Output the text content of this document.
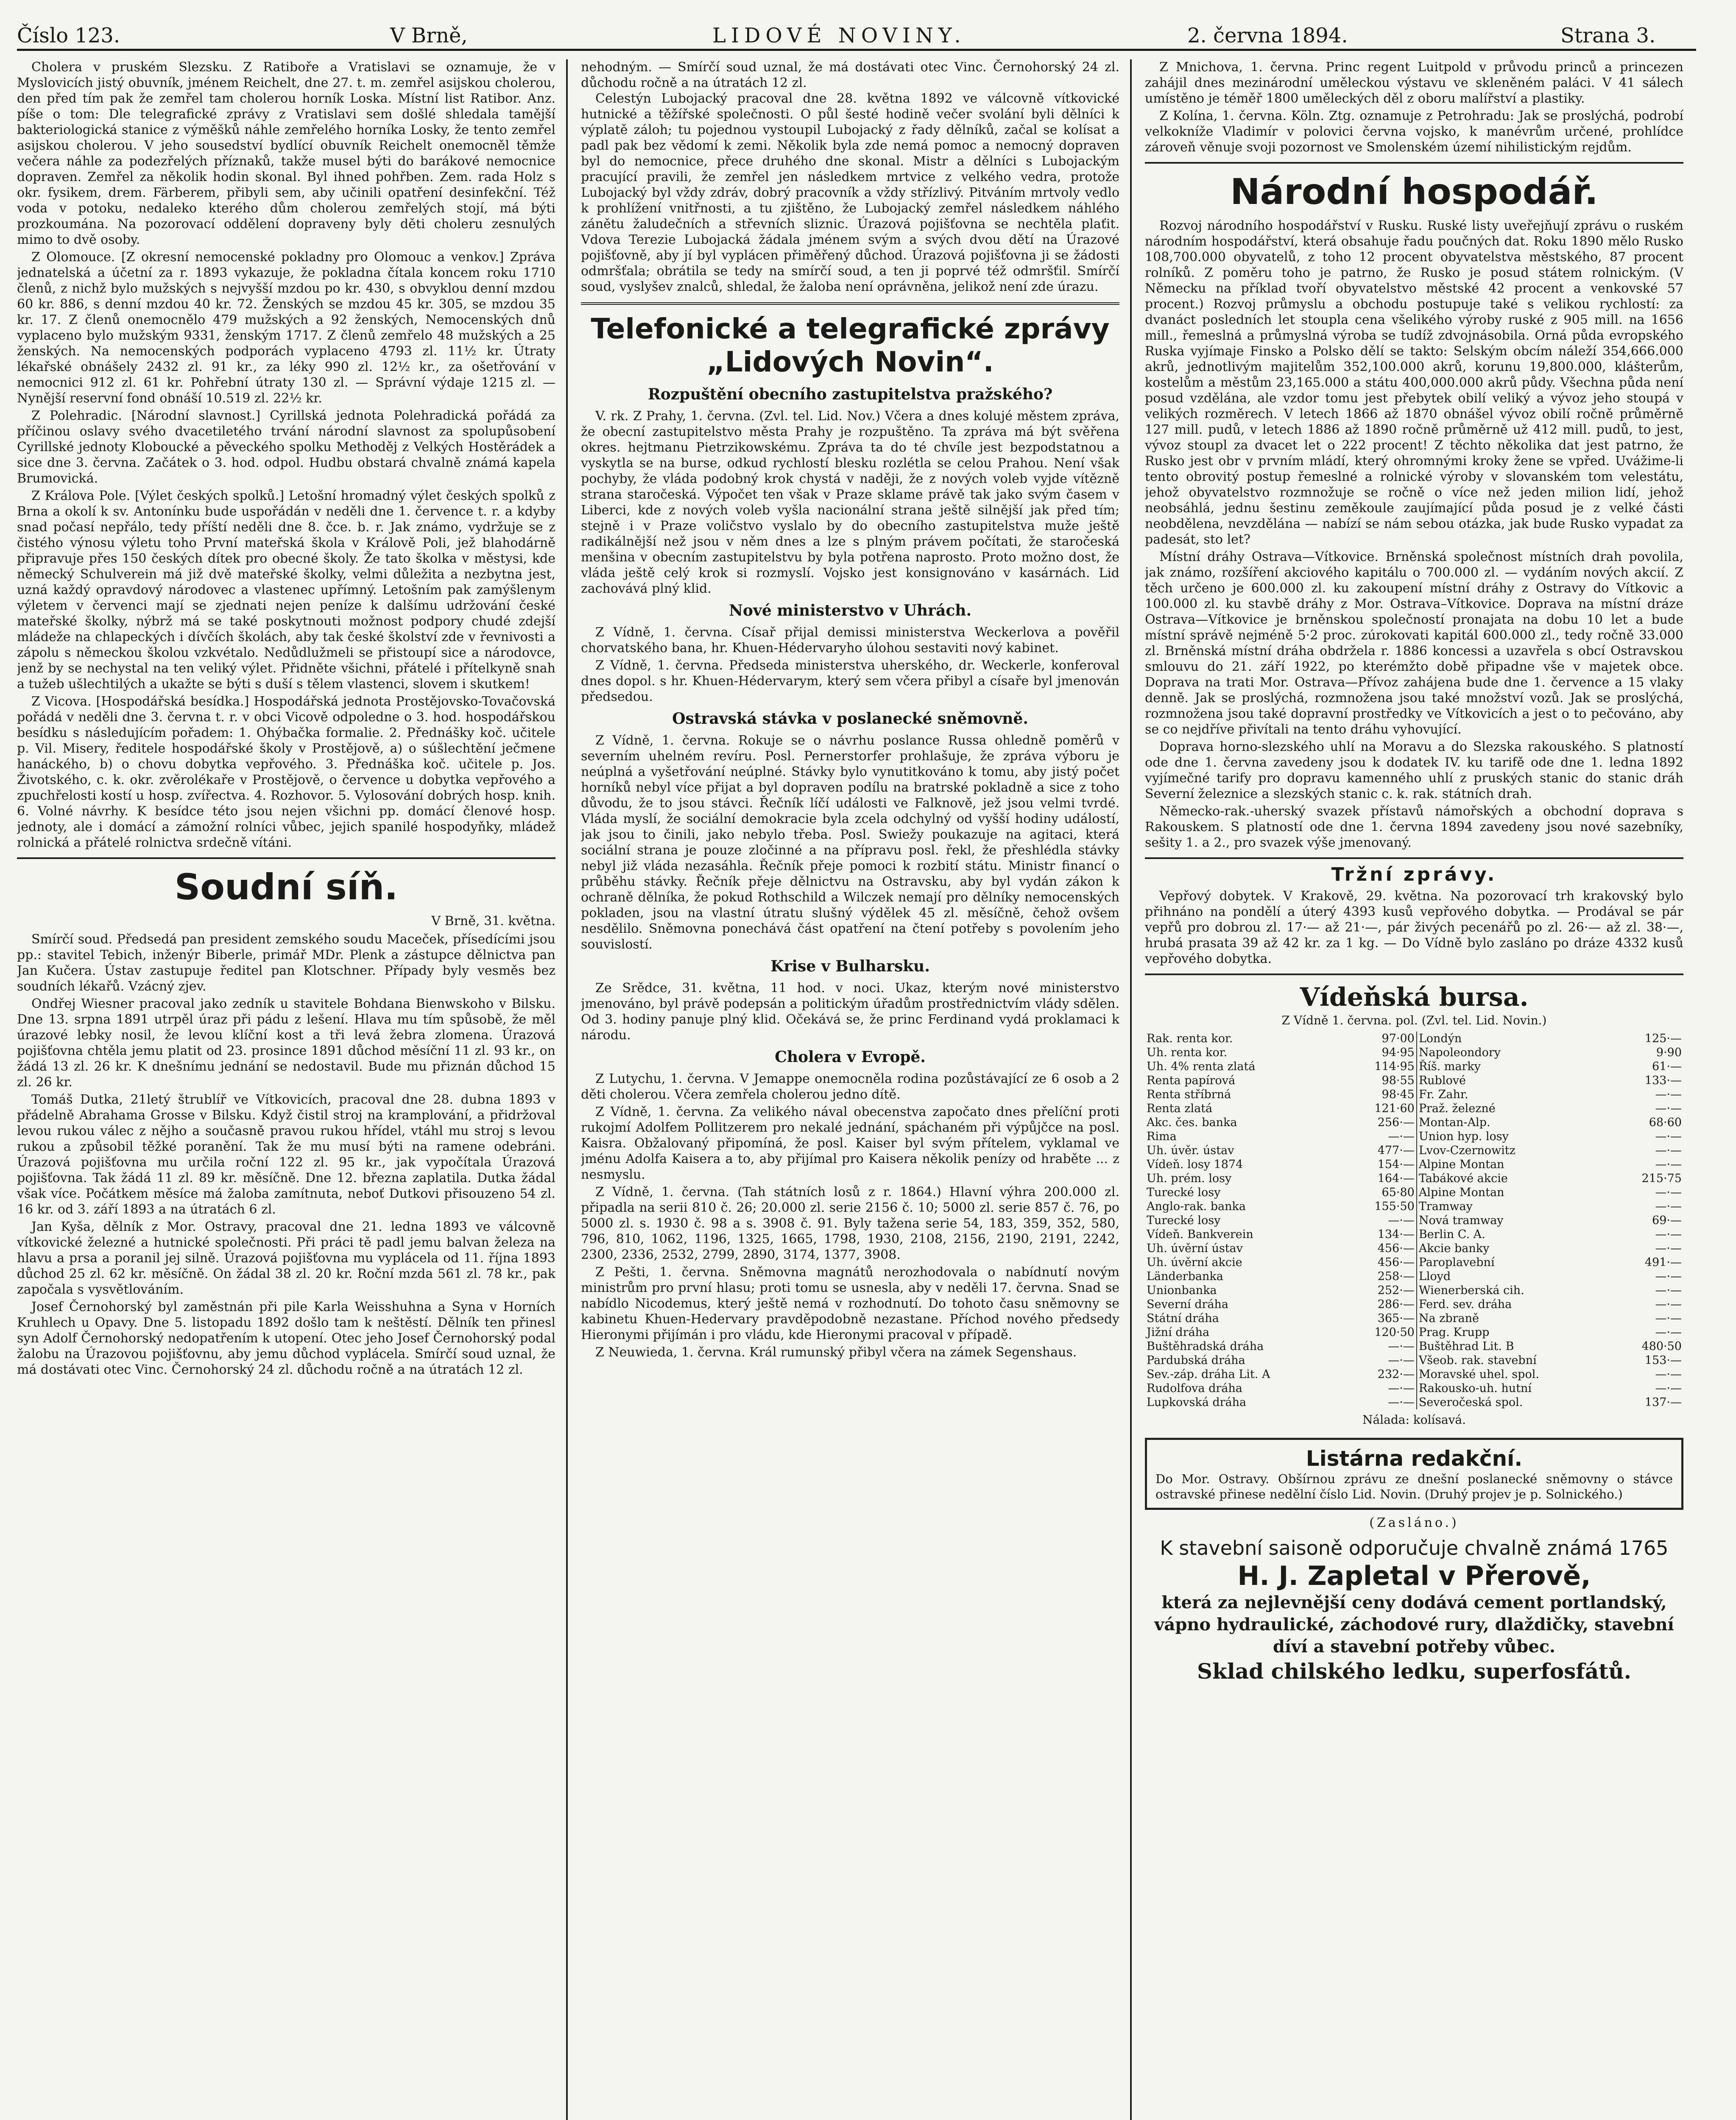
Číslo 123.	V Brně,	LIDOVÉ NOVINY.	2. června 1894.	Strana 3.

Cholera v pruském Slezsku. Z Ratiboře a Vratislavi se oznamuje, že v Myslovicích jistý obuvník, jménem Reichelt, dne 27. t. m. zemřel asijskou cholerou, den před tím pak že zemřel tam cholerou horník Loska. Místní list Ratibor. Anz. píše o tom: Dle telegrafické zprávy z Vratislavi sem došlé shledala tamější bakteriologická stanice z výměšků náhle zemřelého horníka Losky, že tento zemřel asijskou cholerou. V jeho sousedství bydlící obuvník Reichelt onemocněl těmže večera náhle za podezřelých příznaků, takže musel býti do barákové nemocnice dopraven. Zemřel za několik hodin skonal. Byl ihned pohřben. Zem. rada Holz s okr. fysikem, drem. Färberem, přibyli sem, aby učinili opatření desinfekční. Též voda v potoku, nedaleko kterého dům cholerou zemřelých stojí, má býti prozkoumána. Na pozorovací oddělení dopraveny byly děti choleru zesnulých mimo to dvě osoby.

Z Olomouce. [Z okresní nemocenské pokladny pro Olomouc a venkov.] Zpráva jednatelská a účetní za r. 1893 vykazuje, že pokladna čítala koncem roku 1710 členů, z nichž bylo mužských s nejvyšší mzdou po kr. 430, s obvyklou denní mzdou 60 kr. 886, s denní mzdou 40 kr. 72. Ženských se mzdou 45 kr. 305, se mzdou 35 kr. 17. Z členů onemocnělo 479 mužských a 92 ženských, Nemocenských dnů vyplaceno bylo mužským 9331, ženským 1717. Z členů zemřelo 48 mužských a 25 ženských. Na nemocenských podporách vyplaceno 4793 zl. 11½ kr. Útraty lékařské obnášely 2432 zl. 91 kr., za léky 990 zl. 12½ kr., za ošetřování v nemocnici 912 zl. 61 kr. Pohřební útraty 130 zl. — Správní výdaje 1215 zl. — Nynější reservní fond obnáší 10.519 zl. 22½ kr.

Z Polehradic. [Národní slavnost.] Cyrillská jednota Polehradická pořádá za příčinou oslavy svého dvacetiletého trvání národní slavnost za spolupůsobení Cyrillské jednoty Kloboucké a pěveckého spolku Methoděj z Velkých Hostěrádek a sice dne 3. června. Začátek o 3. hod. odpol. Hudbu obstará chvalně známá kapela Brumovická.

Z Králova Pole. [Výlet českých spolků.] Letošní hromadný výlet českých spolků z Brna a okolí k sv. Antonínku bude uspořádán v neděli dne 1. července t. r. a kdyby snad počasí nepřálo, tedy příští neděli dne 8. čce. b. r. Jak známo, vydržuje se z čistého výnosu výletu toho První mateřská škola v Králově Poli, jež blahodárně připravuje přes 150 českých dítek pro obecné školy. Že tato školka v městysi, kde německý Schulverein má již dvě mateřské školky, velmi důležita a nezbytna jest, uzná každý opravdový národovec a vlastenec upřímný. Letošním pak zamýšlenym výletem v červenci mají se zjednati nejen peníze k dalšímu udržování české mateřské školky, nýbrž má se také poskytnouti možnost podpory chudé zdejší mládeže na chlapeckých i dívčích školách, aby tak české školství zde v řevnivosti a zápolu s německou školou vzkvétalo. Nedůdlužmeli se přistoupí sice a národovce, jenž by se nechystal na ten veliký výlet. Přidněte všichni, přátelé i přítelkyně snah a tužeb ušlechtilých a ukažte se býti s duší s tělem vlastenci, slovem i skutkem!

Z Vicova. [Hospodářská besídka.] Hospodářská jednota Prostějovsko-Tovačovská pořádá v neděli dne 3. června t. r. v obci Vicově odpoledne o 3. hod. hospodářskou besídku s následujícím pořadem: 1. Ohýbačka formalie. 2. Přednášky koč. učitele p. Vil. Misery, ředitele hospodářské školy v Prostějově, a) o súšlechtění ječmene hanáckého, b) o chovu dobytka vepřového. 3. Přednáška koč. učitele p. Jos. Životského, c. k. okr. zvěrolékaře v Prostějově, o července u dobytka vepřového a zpuchřelosti kostí u hosp. zvířectva. 4. Rozhovor. 5. Vylosování dobrých hosp. knih. 6. Volné návrhy. K besídce této jsou nejen všichni pp. domácí členové hosp. jednoty, ale i domácí a zámožní rolníci vůbec, jejich spanilé hospodyňky, mládež rolnická a přátelé rolnictva srdečně vítáni.

Soudní síň.
V Brně, 31. května.

Smírčí soud. Předsedá pan president zemského soudu Maceček, přísedícími jsou pp.: stavitel Tebich, inženýr Biberle, primář MDr. Plenk a zástupce dělnictva pan Jan Kučera. Ústav zastupuje ředitel pan Klotschner. Případy byly vesměs bez soudních lékařů. Vzácný zjev.

Ondřej Wiesner pracoval jako zedník u stavitele Bohdana Bienwskoho v Bilsku. Dne 13. srpna 1891 utrpěl úraz při pádu z lešení. Hlava mu tím spůsobě, že měl úrazové lebky nosil, že levou klíční kost a tři levá žebra zlomena. Úrazová pojišťovna chtěla jemu platit od 23. prosince 1891 důchod měsíční 11 zl. 93 kr., on žádá 13 zl. 26 kr. K dnešnímu jednání se nedostavil. Bude mu přiznán důchod 15 zl. 26 kr.

Tomáš Dutka, 21letý štrublíř ve Vítkovicích, pracoval dne 28. dubna 1893 v přádelně Abrahama Grosse v Bilsku. Když čistil stroj na kramplování, a přidržoval levou rukou válec z nějho a současně pravou rukou hřídel, vtáhl mu stroj s levou rukou a způsobil těžké poranění. Tak že mu musí býti na ramene odebráni. Úrazová pojišťovna mu určila roční 122 zl. 95 kr., jak vypočítala Úrazová pojišťovna. Tak žádá 11 zl. 89 kr. měsíčně. Dne 12. března zaplatila. Dutka žádal však více. Počátkem měsíce má žaloba zamítnuta, neboť Dutkovi přisouzeno 54 zl. 16 kr. od 3. září 1893 a na útratách 6 zl.

Jan Kyša, dělník z Mor. Ostravy, pracoval dne 21. ledna 1893 ve válcovně vítkovické železné a hutnické společnosti. Při práci tě padl jemu balvan železa na hlavu a prsa a poranil jej silně. Úrazová pojišťovna mu vyplácela od 11. října 1893 důchod 25 zl. 62 kr. měsíčně. On žádal 38 zl. 20 kr. Roční mzda 561 zl. 78 kr., pak započala s vysvětlováním.

Josef Černohorský byl zaměstnán při pile Karla Weisshuhna a Syna v Horních Kruhlech u Opavy. Dne 5. listopadu 1892 došlo tam k neštěstí. Dělník ten přinesl syn Adolf Černohorský nedopatřením k utopení. Otec jeho Josef Černohorský podal žalobu na Úrazovou pojišťovnu, aby jemu důchod vyplácela. Smírčí soud uznal, že má dostávati otec Vinc. Černohorský 24 zl. důchodu ročně a na útratách 12 zl.

nehodným. — Smírčí soud uznal, že má dostávati otec Vinc. Černohorský 24 zl. důchodu ročně a na útratách 12 zl.

Celestýn Lubojacký pracoval dne 28. května 1892 ve válcovně vítkovické hutnické a těžířské společnosti. O půl šesté hodině večer svolání byli dělníci k výplatě záloh; tu pojednou vystoupil Lubojacký z řady dělníků, začal se kolísat a padl pak bez vědomí k zemi. Několik byla zde nemá pomoc a nemocný dopraven byl do nemocnice, přece druhého dne skonal. Mistr a dělníci s Lubojackým pracující pravili, že zemřel jen následkem mrtvice z velkého vedra, protože Lubojacký byl vždy zdráv, dobrý pracovník a vždy střízlivý. Pitváním mrtvoly vedlo k prohlížení vnitřnosti, a tu zjištěno, že Lubojacký zemřel následkem náhlého zánětu žaludečních a střevních sliznic. Úrazová pojišťovna se nechtěla plaťit. Vdova Terezie Lubojacká žádala jménem svým a svých dvou dětí na Úrazové pojišťovně, aby jí byl vyplácen přiměřený důchod. Úrazová pojišťovna ji se žádosti odmršťala; obrátila se tedy na smírčí soud, a ten ji poprvé též odmršťil. Smírčí soud, vyslyšev znalců, shledal, že žaloba není oprávněna, jelikož není zde úrazu.

Telefonické a telegrafické zprávy „Lidových Novin“.
Rozpuštění obecního zastupitelstva pražského?

V. rk. Z Prahy, 1. června. (Zvl. tel. Lid. Nov.) Včera a dnes kolujé městem zpráva, že obecní zastupitelstvo města Prahy je rozpuštěno. Ta zpráva má být svěřena okres. hejtmanu Pietrzikowskému. Zpráva ta do té chvíle jest bezpodstatnou a vyskytla se na burse, odkud rychlostí blesku rozlétla se celou Prahou. Není však pochyby, že vláda podobný krok chystá v naději, že z nových voleb vyjde vítězně strana staročeská. Výpočet ten však v Praze sklame právě tak jako svým časem v Liberci, kde z nových voleb vyšla nacionální strana ještě silnější jak před tím; stejně i v Praze voličstvo vyslalo by do obecního zastupitelstva muže ještě radikálnější než jsou v něm dnes a lze s plným právem počítati, že staročeská menšina v obecním zastupitelstvu by byla potřena naprosto. Proto možno dost, že vláda ještě celý krok si rozmyslí. Vojsko jest konsignováno v kasárnách. Lid zachovává plný klid.

Nové ministerstvo v Uhrách.

Z Vídně, 1. června. Císař přijal demissi ministerstva Weckerlova a pověřil chorvatského bana, hr. Khuen-Hédervaryho úlohou sestaviti nový kabinet.

Z Vídně, 1. června. Předseda ministerstva uherského, dr. Weckerle, konferoval dnes dopol. s hr. Khuen-Hédervarym, který sem včera přibyl a císaře byl jmenován předsedou.

Ostravská stávka v poslanecké sněmovně.

Z Vídně, 1. června. Rokuje se o návrhu poslance Russa ohledně poměrů v severním uhelném revíru. Posl. Pernerstorfer prohlašuje, že zpráva výboru je neúplná a vyšetřování neúplné. Stávky bylo vynutitkováno k tomu, aby jistý počet horníků nebyl více přijat a byl dopraven podílu na bratrské pokladně a sice z toho důvodu, že to jsou stávci. Řečník líčí události ve Falknově, jež jsou velmi tvrdé. Vláda myslí, že sociální demokracie byla zcela odchylný od vyšší hodiny událostí, jak jsou to činili, jako nebylo třeba. Posl. Swiežy poukazuje na agitaci, která sociální strana je pouze zločinné a na přípravu posl. řekl, že přeshlédla stávky nebyl již vláda nezasáhla. Řečník přeje pomoci k rozbití státu. Ministr financí o průběhu stávky. Řečník přeje dělnictvu na Ostravsku, aby byl vydán zákon k ochraně dělníka, že pokud Rothschild a Wilczek nemají pro dělníky nemocenských pokladen, jsou na vlastní útratu slušný výdělek 45 zl. měsíčně, čehož ovšem nesdělilo. Sněmovna ponechává část opatření na čtení potřeby s povolením jeho souvislostí.

Krise v Bulharsku.

Ze Srědce, 31. května, 11 hod. v noci. Ukaz, kterým nové ministerstvo jmenováno, byl právě podepsán a politickým úřadům prostřednictvím vlády sdělen. Od 3. hodiny panuje plný klid. Očekává se, že princ Ferdinand vydá proklamaci k národu.

Cholera v Evropě.

Z Lutychu, 1. června. V Jemappe onemocněla rodina pozůstávající ze 6 osob a 2 děti cholerou. Včera zemřela cholerou jedno dítě.

Z Vídně, 1. června. Za velikého nával obecenstva započato dnes přelíční proti rukojmí Adolfem Pollitzerem pro nekalé jednání, spáchaném při výpůjčce na posl. Kaisra. Obžalovaný připomíná, že posl. Kaiser byl svým přítelem, vyklamal ve jménu Adolfa Kaisera a to, aby přijímal pro Kaisera několik penízy od hraběte ... z nesmyslu.

Z Vídně, 1. června. (Tah státních losů z r. 1864.) Hlavní výhra 200.000 zl. připadla na serii 810 č. 26; 20.000 zl. serie 2156 č. 10; 5000 zl. serie 857 č. 76, po 5000 zl. s. 1930 č. 98 a s. 3908 č. 91. Byly tažena serie 54, 183, 359, 352, 580, 796, 810, 1062, 1196, 1325, 1665, 1798, 1930, 2108, 2156, 2190, 2191, 2242, 2300, 2336, 2532, 2799, 2890, 3174, 1377, 3908.

Z Pešti, 1. června. Sněmovna magnátů nerozhodovala o nabídnutí novým ministrům pro první hlasu; proti tomu se usnesla, aby v neděli 17. června. Snad se nabídlo Nicodemus, který ještě nemá v rozhodnutí. Do tohoto času sněmovny se kabinetu Khuen-Hedervary pravděpodobně nezastane. Příchod nového předsedy Hieronymi přijímán i pro vládu, kde Hieronymi pracoval v případě.

Z Neuwieda, 1. června. Král rumunský přibyl včera na zámek Segenshaus.

Z Mnichova, 1. června. Princ regent Luitpold v průvodu princů a princezen zahájil dnes mezinárodní uměleckou výstavu ve skleněném paláci. V 41 sálech umístěno je téměř 1800 uměleckých děl z oboru malířství a plastiky.

Z Kolína, 1. června. Köln. Ztg. oznamuje z Petrohradu: Jak se proslýchá, podrobí velkokníže Vladimír v polovici června vojsko, k manévrům určené, prohlídce zároveň věnuje svoji pozornost ve Smolenském území nihilistickým rejdům.

Národní hospodář.

Rozvoj národního hospodářství v Rusku. Ruské listy uveřejňují zprávu o ruském národním hospodářství, která obsahuje řadu poučných dat. Roku 1890 mělo Rusko 108,700.000 obyvatelů, z toho 12 procent obyvatelstva městského, 87 procent rolníků. Z poměru toho je patrno, že Rusko je posud státem rolnickým. (V Německu na příklad tvoří obyvatelstvo městské 42 procent a venkovské 57 procent.) Rozvoj průmyslu a obchodu postupuje také s velikou rychlostí: za dvanáct posledních let stoupla cena všelikého výroby ruské z 905 mill. na 1656 mill., řemeslná a průmyslná výroba se tudíž zdvojnásobila. Orná půda evropského Ruska vyjímaje Finsko a Polsko dělí se takto: Selským obcím náleží 354,666.000 akrů, jednotlivým majitelům 352,100.000 akrů, korunu 19,800.000, klášterům, kostelům a městům 23,165.000 a státu 400,000.000 akrů půdy. Všechna půda není posud vzdělána, ale vzdor tomu jest přebytek obilí veliký a vývoz jeho stoupá v velikých rozměrech. V letech 1866 až 1870 obnášel vývoz obilí ročně průměrně 127 mill. pudů, v letech 1886 až 1890 ročně průměrně už 412 mill. pudů, to jest, vývoz stoupl za dvacet let o 222 procent! Z těchto několika dat jest patrno, že Rusko jest obr v prvním mládí, který ohromnými kroky žene se vpřed. Uvážime-li tento obrovitý postup řemeslné a rolnické výroby v slovanském tom velestátu, jehož obyvatelstvo rozmnožuje se ročně o více než jeden milion lidí, jehož neobsáhlá, jednu šestinu zeměkoule zaujímající půda posud je z velké části neobdělena, nevzdělána — nabízí se nám sebou otázka, jak bude Rusko vypadat za padesát, sto let?

Místní dráhy Ostrava—Vítkovice. Brněnská společnost místních drah povolila, jak známo, rozšíření akciového kapitálu o 700.000 zl. — vydáním nových akcií. Z těch určeno je 600.000 zl. ku zakoupení místní dráhy z Ostravy do Vítkovic a 100.000 zl. ku stavbě dráhy z Mor. Ostrava–Vítkovice. Doprava na místní dráze Ostrava—Vítkovice je brněnskou společností pronajata na dobu 10 let a bude místní správě nejméně 5·2 proc. zúrokovati kapitál 600.000 zl., tedy ročně 33.000 zl. Brněnská místní dráha obdržela r. 1886 koncessi a uzavřela s obcí Ostravskou smlouvu do 21. září 1922, po kterémžto době připadne vše v majetek obce. Doprava na trati Mor. Ostrava—Přívoz zahájena bude dne 1. července a 15 vlaky denně. Jak se proslýchá, rozmnožena jsou také množství vozů. Jak se proslýchá, rozmnožena jsou také dopravní prostředky ve Vítkovicích a jest o to pečováno, aby se co nejdříve přivítali na tento dráhu vyhovující.

Doprava horno-slezského uhlí na Moravu a do Slezska rakouského. S platností ode dne 1. června zavedeny jsou k dodatek IV. ku tarifě ode dne 1. ledna 1892 vyjímečné tarify pro dopravu kamenného uhlí z pruských stanic do stanic dráh Severní železnice a slezských stanic c. k. rak. státních drah.

Německo-rak.-uherský svazek přístavů námořských a obchodní doprava s Rakouskem. S platností ode dne 1. června 1894 zavedeny jsou nové sazebníky, sešity 1. a 2., pro svazek výše jmenovaný.

Tržní zprávy.

Vepřový dobytek. V Krakově, 29. května. Na pozorovací trh krakovský bylo přihnáno na pondělí a úterý 4393 kusů vepřového dobytka. — Prodával se pár vepřů pro dobrou zl. 17·— až 21·—, pár živých pecenářů po zl. 26·— až zl. 38·—, hrubá prasata 39 až 42 kr. za 1 kg. — Do Vídně bylo zasláno po dráze 4332 kusů vepřového dobytka.

Vídeňská bursa.
Z Vídně 1. června. pol. (Zvl. tel. Lid. Novin.)
Rak. renta kor.	97·00	Londýn	125·—
Uh. renta kor.	94·95	Napoleondory	9·90
Uh. 4% renta zlatá	114·95	Říš. marky	61·—
Renta papírová	98·55	Rublové	133·—
Renta stříbrná	98·45	Fr. Zahr.	—·—
Renta zlatá	121·60	Praž. železné	—·—
Akc. čes. banka	256·—	Montan-Alp.	68·60
Rima	—·—	Union hyp. losy	—·—
Uh. úvěr. ústav	477·—	Lvov-Czernowitz	—·—
Vídeň. losy 1874	154·—	Alpine Montan	—·—
Uh. prém. losy	164·—	Tabákové akcie	215·75
Turecké losy	65·80	Alpine Montan	—·—
Anglo-rak. banka	155·50	Tramway	—·—
Turecké losy	—·—	Nová tramway	69·—
Vídeň. Bankverein	134·—	Berlin C. A.	—·—
Uh. úvěrní ústav	456·—	Akcie banky	—·—
Uh. úvěrní akcie	456·—	Paroplavební	491·—
Länderbanka	258·—	Lloyd	—·—
Unionbanka	252·—	Wienerberská cih.	—·—
Severní dráha	286·—	Ferd. sev. dráha	—·—
Státní dráha	365·—	Na zbraně	—·—
Jižní dráha	120·50	Prag. Krupp	—·—
Buštěhradská dráha	—·—	Buštěhrad Lit. B	480·50
Pardubská dráha	—·—	Všeob. rak. stavební	153·—
Sev.-záp. dráha Lit. A	232·—	Moravské uhel. spol.	—·—
Rudolfova dráha	—·—	Rakousko-uh. hutní	—·—
Lupkovská dráha	—·—	Severočeská spol.	137·—
Nálada: kolísavá.
Listárna redakční.

Do Mor. Ostravy. Obšírnou zprávu ze dnešní poslanecké sněmovny o stávce ostravské přinese nedělní číslo Lid. Novin. (Druhý projev je p. Solnického.)

(Zasláno.)
K stavební saisoně odporučuje chvalně známá 1765
H. J. Zapletal v Přerově,
která za nejlevnější ceny dodává cement portlandský, vápno hydraulické, záchodové rury, dlaždičky, stavební díví a stavební potřeby vůbec.
Sklad chilského ledku, superfosfátů.
